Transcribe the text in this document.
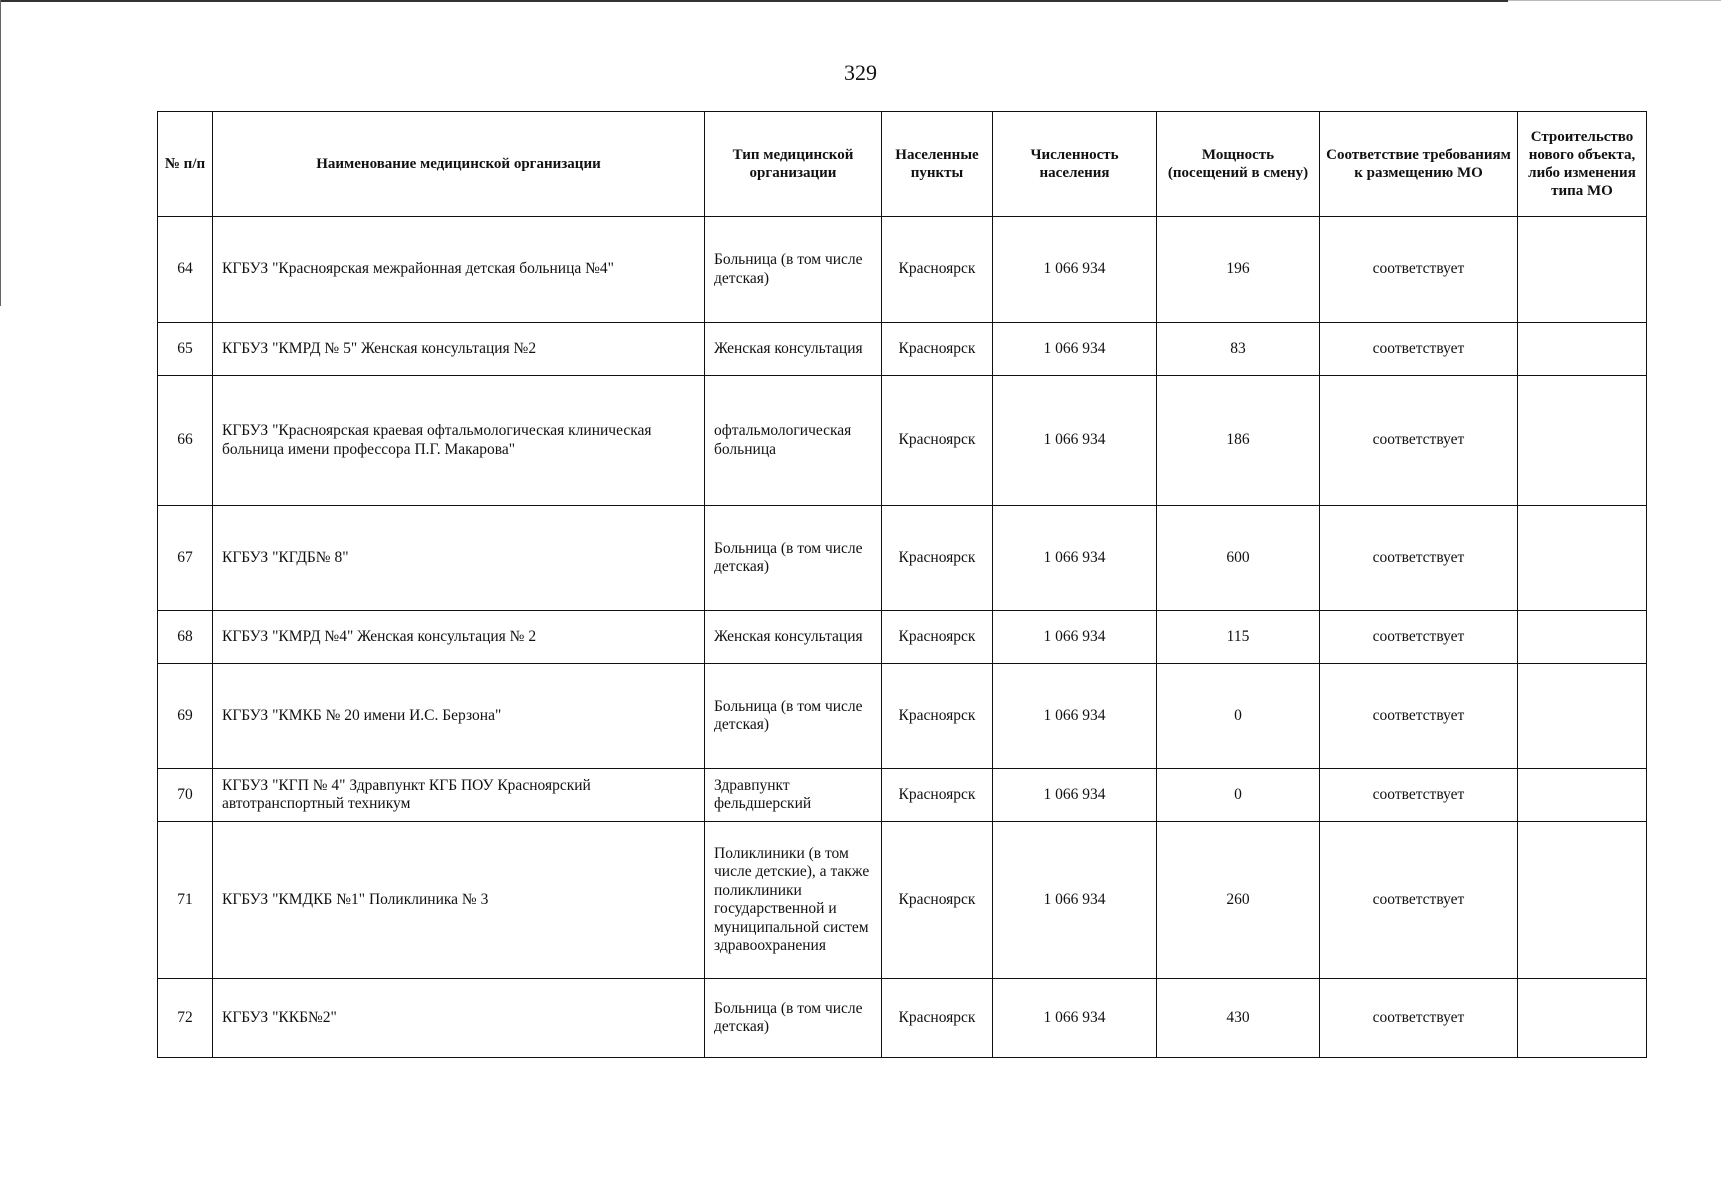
329
№ п/п	Наименование медицинской организации	Тип медицинской организации	Населенные пункты	Численность населения	Мощность (посещений в смену)	Соответствие требованиям к размещению МО	Строительство нового объекта, либо изменения типа МО
64	КГБУЗ "Красноярская межрайонная детская больница №4"	Больница (в том числе детская)	Красноярск	1 066 934	196	соответствует	
65	КГБУЗ "КМРД № 5" Женская консультация №2	Женская консультация	Красноярск	1 066 934	83	соответствует	
66	КГБУЗ "Красноярская краевая офтальмологическая клиническая больница имени профессора П.Г. Макарова"	офтальмологическая больница	Красноярск	1 066 934	186	соответствует	
67	КГБУЗ "КГДБ№ 8"	Больница (в том числе детская)	Красноярск	1 066 934	600	соответствует	
68	КГБУЗ "КМРД №4" Женская консультация № 2	Женская консультация	Красноярск	1 066 934	115	соответствует	
69	КГБУЗ "КМКБ № 20 имени И.С. Берзона"	Больница (в том числе детская)	Красноярск	1 066 934	0	соответствует	
70	КГБУЗ "КГП № 4" Здравпункт КГБ ПОУ Красноярский автотранспортный техникум	Здравпункт фельдшерский	Красноярск	1 066 934	0	соответствует	
71	КГБУЗ "КМДКБ №1" Поликлиника № 3	Поликлиники (в том числе детские), а также поликлиники государственной и муниципальной систем здравоохранения	Красноярск	1 066 934	260	соответствует	
72	КГБУЗ "ККБ№2"	Больница (в том числе детская)	Красноярск	1 066 934	430	соответствует	
